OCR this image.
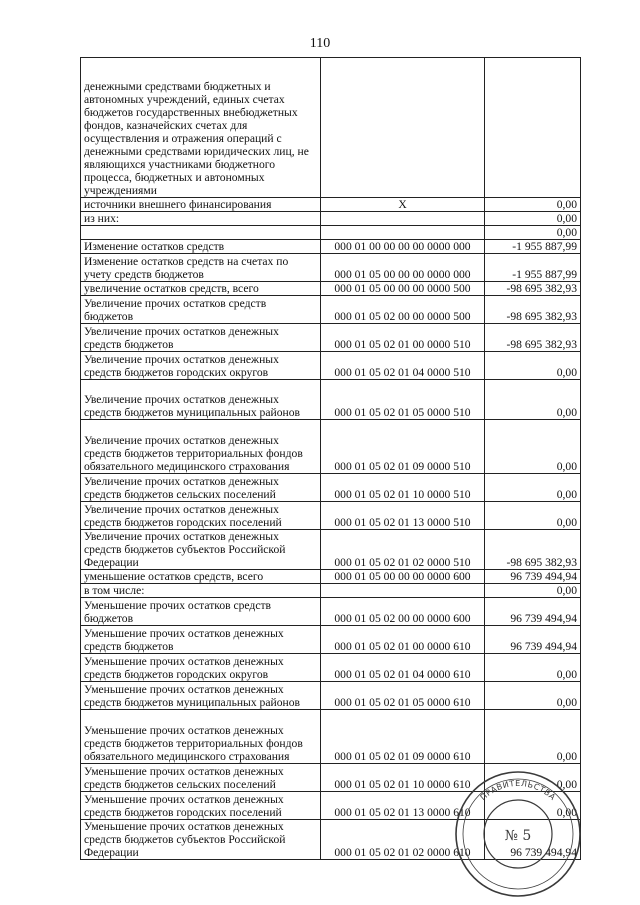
110
денежными средствами бюджетных и автономных учреждений, единых счетах бюджетов государственных внебюджетных фондов, казначейских счетах для осуществления и отражения операций с денежными средствами юридических лиц, не являющихся участниками бюджетного процесса, бюджетных и автономных учреждениями		
источники внешнего финансирования	X	0,00
из них:		0,00
		0,00
Изменение остатков средств	000 01 00 00 00 00 0000 000	-1 955 887,99
Изменение остатков средств на счетах по учету средств бюджетов	000 01 05 00 00 00 0000 000	-1 955 887,99
увеличение остатков средств, всего	000 01 05 00 00 00 0000 500	-98 695 382,93
Увеличение прочих остатков средств бюджетов	000 01 05 02 00 00 0000 500	-98 695 382,93
Увеличение прочих остатков денежных средств бюджетов	000 01 05 02 01 00 0000 510	-98 695 382,93
Увеличение прочих остатков денежных средств бюджетов городских округов	000 01 05 02 01 04 0000 510	0,00
Увеличение прочих остатков денежных средств бюджетов муниципальных районов	000 01 05 02 01 05 0000 510	0,00
Увеличение прочих остатков денежных средств бюджетов территориальных фондов обязательного медицинского страхования	000 01 05 02 01 09 0000 510	0,00
Увеличение прочих остатков денежных средств бюджетов сельских поселений	000 01 05 02 01 10 0000 510	0,00
Увеличение прочих остатков денежных средств бюджетов городских поселений	000 01 05 02 01 13 0000 510	0,00
Увеличение прочих остатков денежных средств бюджетов субъектов Российской Федерации	000 01 05 02 01 02 0000 510	-98 695 382,93
уменьшение остатков средств, всего	000 01 05 00 00 00 0000 600	96 739 494,94
в том числе:		0,00
Уменьшение прочих остатков средств бюджетов	000 01 05 02 00 00 0000 600	96 739 494,94
Уменьшение прочих остатков денежных средств бюджетов	000 01 05 02 01 00 0000 610	96 739 494,94
Уменьшение прочих остатков денежных средств бюджетов городских округов	000 01 05 02 01 04 0000 610	0,00
Уменьшение прочих остатков денежных средств бюджетов муниципальных районов	000 01 05 02 01 05 0000 610	0,00
Уменьшение прочих остатков денежных средств бюджетов территориальных фондов обязательного медицинского страхования	000 01 05 02 01 09 0000 610	0,00
Уменьшение прочих остатков денежных средств бюджетов сельских поселений	000 01 05 02 01 10 0000 610	0,00
Уменьшение прочих остатков денежных средств бюджетов городских поселений	000 01 05 02 01 13 0000 610	0,00
Уменьшение прочих остатков денежных средств бюджетов субъектов Российской Федерации	000 01 05 02 01 02 0000 610	96 739 494,94
ПРАВИТЕЛЬСТВА
№ 5
